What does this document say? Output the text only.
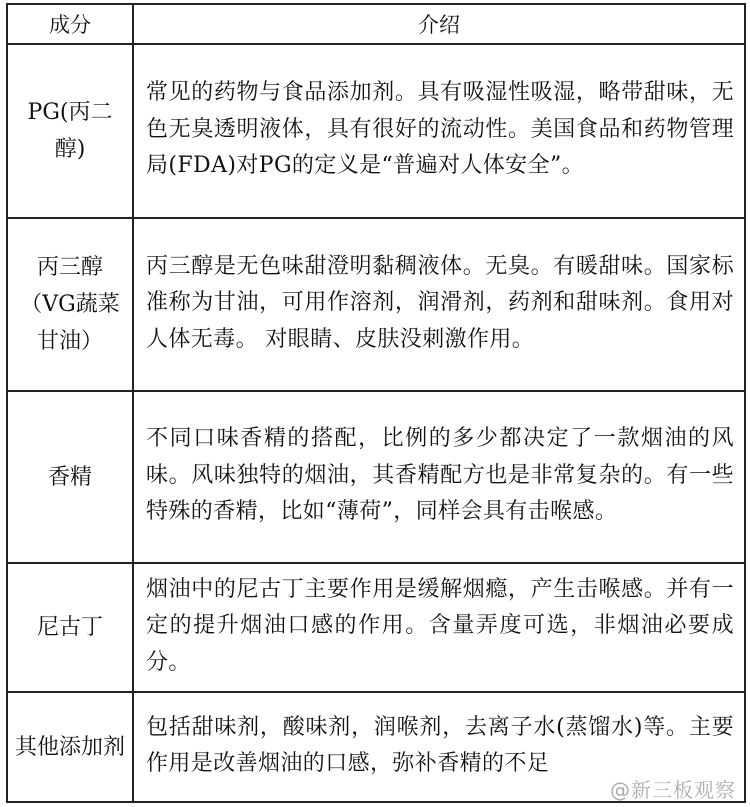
成分	介绍
PG(丙二醇)	常见的药物与食品添加剂。具有吸湿性吸湿，略带甜味，无色无臭透明液体，具有很好的流动性。美国食品和药物管理局(FDA)对PG的定义是“普遍对人体安全”。
丙三醇（VG蔬菜甘油）	丙三醇是无色味甜澄明黏稠液体。无臭。有暖甜味。国家标准称为甘油，可用作溶剂，润滑剂，药剂和甜味剂。食用对人体无毒。 对眼睛、皮肤没刺激作用。
香精	不同口味香精的搭配，比例的多少都决定了一款烟油的风味。风味独特的烟油，其香精配方也是非常复杂的。有一些特殊的香精，比如“薄荷”，同样会具有击喉感。
尼古丁	烟油中的尼古丁主要作用是缓解烟瘾，产生击喉感。并有一定的提升烟油口感的作用。含量弄度可选，非烟油必要成分。
其他添加剂	包括甜味剂，酸味剂，润喉剂，去离子水(蒸馏水)等。主要作用是改善烟油的口感，弥补香精的不足
@新三板观察
